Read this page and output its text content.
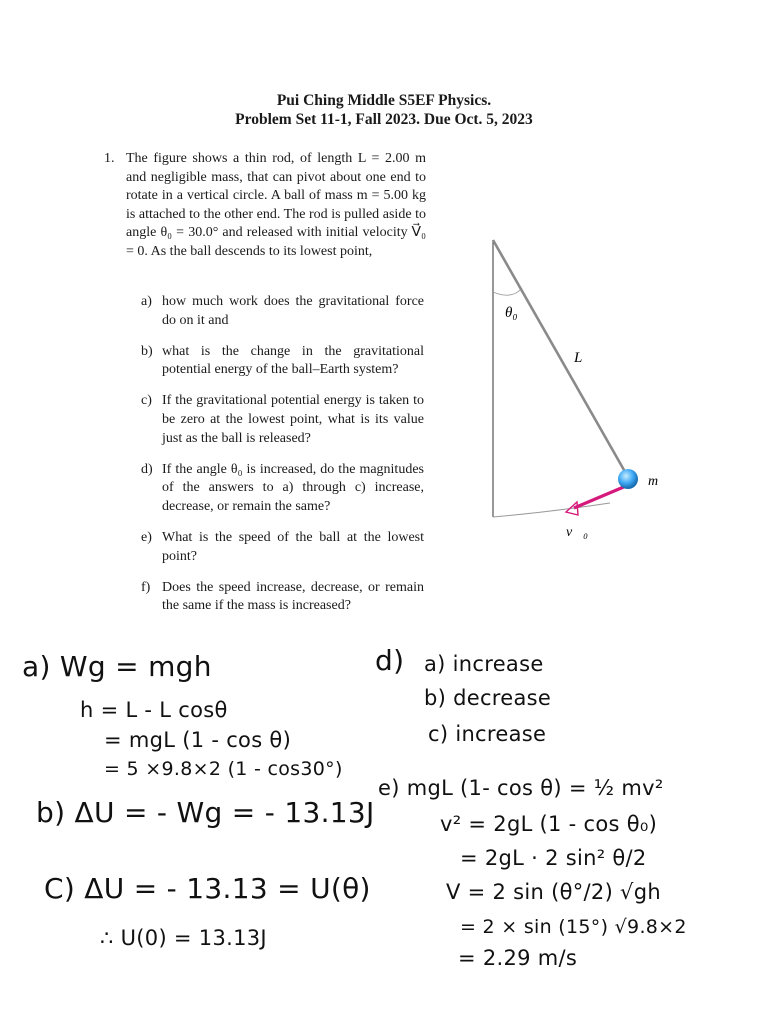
Pui Ching Middle S5EF Physics.
Problem Set 11-1, Fall 2023. Due Oct. 5, 2023
1. The figure shows a thin rod, of length L = 2.00 m and negligible mass, that can pivot about one end to rotate in a vertical circle. A ball of mass m = 5.00 kg is attached to the other end. The rod is pulled aside to angle θ₀ = 30.0° and released with initial velocity V⃗₀ = 0. As the ball descends to its lowest point,
a) how much work does the gravitational force do on it and
b) what is the change in the gravitational potential energy of the ball–Earth system?
c) If the gravitational potential energy is taken to be zero at the lowest point, what is its value just as the ball is released?
d) If the angle θ₀ is increased, do the magnitudes of the answers to a) through c) increase, decrease, or remain the same?
e) What is the speed of the ball at the lowest point?
f) Does the speed increase, decrease, or remain the same if the mass is increased?
θ₀
L
m
v⃗₀
a) Wg = mgh
h = L - L cosθ
= mgL (1 - cos θ)
= 5 ×9.8×2 (1 - cos30°)
b) ΔU = - Wg = - 13.13J
C) ΔU = - 13.13 = U(θ)
∴ U(0) = 13.13J
d) a) increase
b) decrease
c) increase
e) mgL (1- cos θ) = ½ mv²
v² = 2gL (1 - cos θ₀)
= 2gL · 2 sin² θ/2
V = 2 sin (θ°/2) √gh
= 2 × sin (15°) √9.8×2
= 2.29 m/s
